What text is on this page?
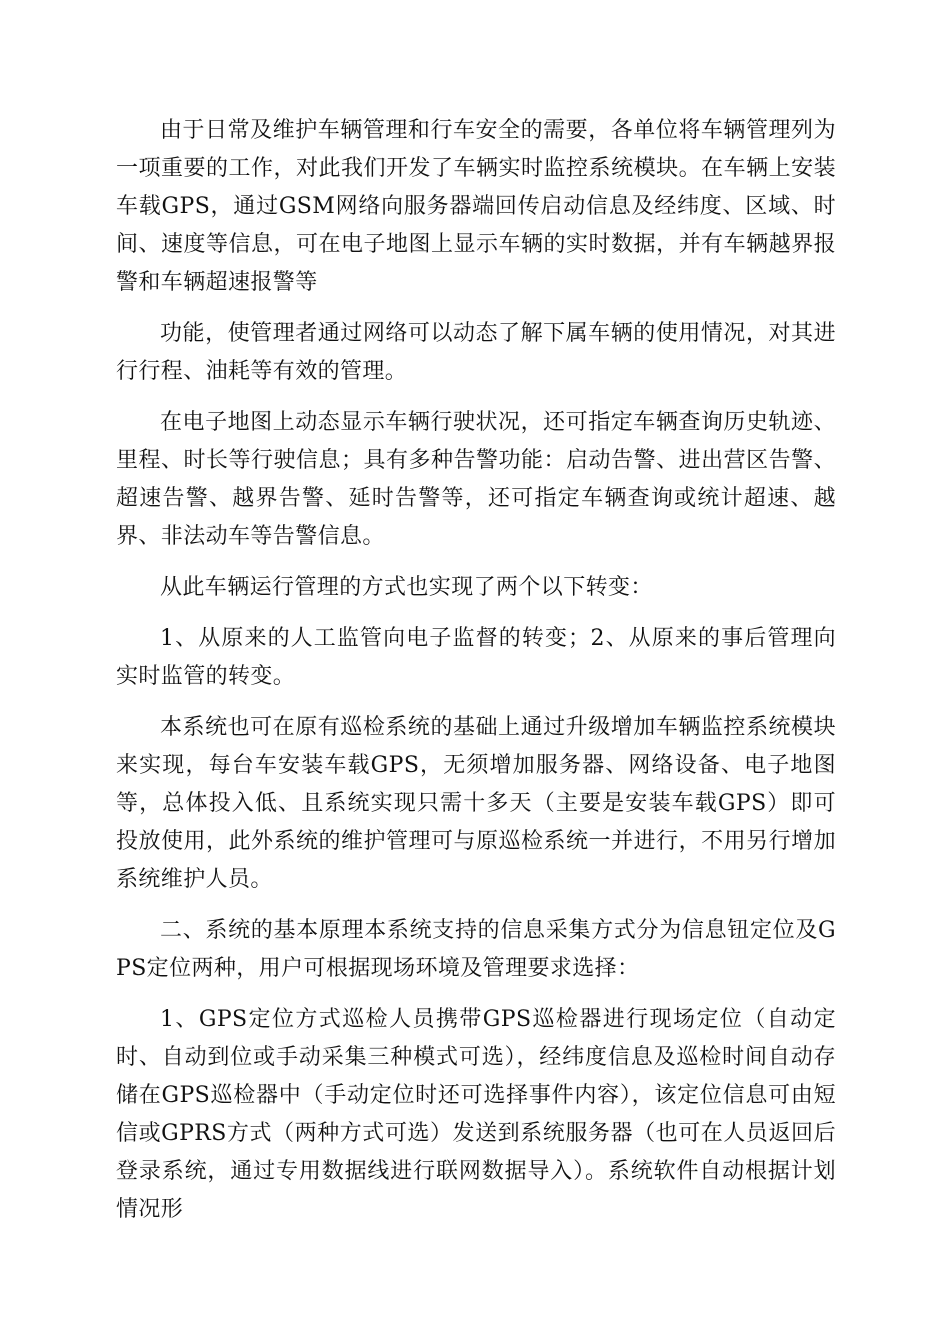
由于日常及维护车辆管理和行车安全的需要，各单位将车辆管理列为一项重要的工作，对此我们开发了车辆实时监控系统模块。在车辆上安装车载GPS，通过GSM网络向服务器端回传启动信息及经纬度、区域、时间、速度等信息，可在电子地图上显示车辆的实时数据，并有车辆越界报警和车辆超速报警等

功能，使管理者通过网络可以动态了解下属车辆的使用情况，对其进行行程、油耗等有效的管理。

在电子地图上动态显示车辆行驶状况，还可指定车辆查询历史轨迹、里程、时长等行驶信息；具有多种告警功能：启动告警、进出营区告警、超速告警、越界告警、延时告警等，还可指定车辆查询或统计超速、越界、非法动车等告警信息。

从此车辆运行管理的方式也实现了两个以下转变：

1、从原来的人工监管向电子监督的转变；2、从原来的事后管理向实时监管的转变。

本系统也可在原有巡检系统的基础上通过升级增加车辆监控系统模块来实现，每台车安装车载GPS，无须增加服务器、网络设备、电子地图等，总体投入低、且系统实现只需十多天（主要是安装车载GPS）即可投放使用，此外系统的维护管理可与原巡检系统一并进行，不用另行增加系统维护人员。

二、系统的基本原理本系统支持的信息采集方式分为信息钮定位及GPS定位两种，用户可根据现场环境及管理要求选择：

1、GPS定位方式巡检人员携带GPS巡检器进行现场定位（自动定时、自动到位或手动采集三种模式可选），经纬度信息及巡检时间自动存储在GPS巡检器中（手动定位时还可选择事件内容），该定位信息可由短信或GPRS方式（两种方式可选）发送到系统服务器（也可在人员返回后登录系统，通过专用数据线进行联网数据导入）。系统软件自动根据计划情况形
